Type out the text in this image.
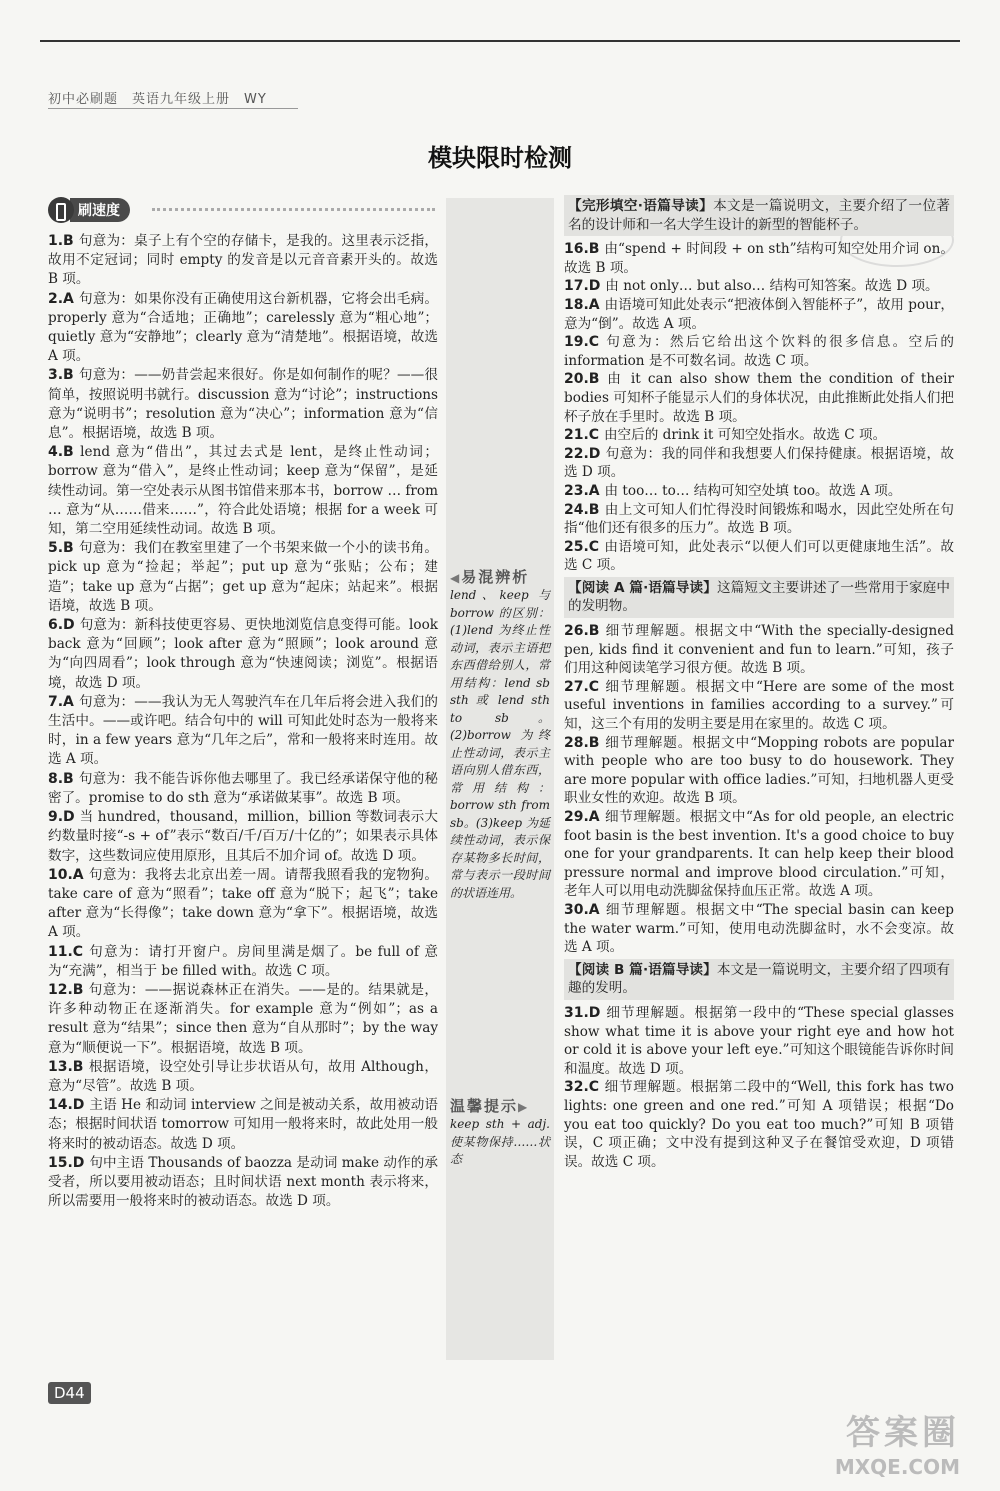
初中必刷题　英语九年级上册　WY
模块限时检测
刷速度
1.B 句意为：桌子上有个空的存储卡，是我的。这里表示泛指，故用不定冠词；同时 empty 的发音是以元音音素开头的。故选 B 项。
2.A 句意为：如果你没有正确使用这台新机器，它将会出毛病。properly 意为“合适地；正确地”；carelessly 意为“粗心地”；quietly 意为“安静地”；clearly 意为“清楚地”。根据语境，故选 A 项。
3.B 句意为：——奶昔尝起来很好。你是如何制作的呢？——很简单，按照说明书就行。discussion 意为“讨论”；instructions 意为“说明书”；resolution 意为“决心”；information 意为“信息”。根据语境，故选 B 项。
4.B lend 意为“借出”，其过去式是 lent，是终止性动词；borrow 意为“借入”，是终止性动词；keep 意为“保留”，是延续性动词。第一空处表示从图书馆借来那本书，borrow … from … 意为“从……借来……”，符合此处语境；根据 for a week 可知，第二空用延续性动词。故选 B 项。
5.B 句意为：我们在教室里建了一个书架来做一个小的读书角。pick up 意为“捡起；举起”；put up 意为“张贴；公布；建造”；take up 意为“占据”；get up 意为“起床；站起来”。根据语境，故选 B 项。
6.D 句意为：新科技使更容易、更快地浏览信息变得可能。look back 意为“回顾”；look after 意为“照顾”；look around 意为“向四周看”；look through 意为“快速阅读；浏览”。根据语境，故选 D 项。
7.A 句意为：——我认为无人驾驶汽车在几年后将会进入我们的生活中。——或许吧。结合句中的 will 可知此处时态为一般将来时，in a few years 意为“几年之后”，常和一般将来时连用。故选 A 项。
8.B 句意为：我不能告诉你他去哪里了。我已经承诺保守他的秘密了。promise to do sth 意为“承诺做某事”。故选 B 项。
9.D 当 hundred，thousand，million，billion 等数词表示大约数量时接“-s + of”表示“数百/千/百万/十亿的”；如果表示具体数字，这些数词应使用原形，且其后不加介词 of。故选 D 项。
10.A 句意为：我将去北京出差一周。请帮我照看我的宠物狗。take care of 意为“照看”；take off 意为“脱下；起飞”；take after 意为“长得像”；take down 意为“拿下”。根据语境，故选 A 项。
11.C 句意为：请打开窗户。房间里满是烟了。be full of 意为“充满”，相当于 be filled with。故选 C 项。
12.B 句意为：——据说森林正在消失。——是的。结果就是，许多种动物正在逐渐消失。for example 意为“例如”；as a result 意为“结果”；since then 意为“自从那时”；by the way 意为“顺便说一下”。根据语境，故选 B 项。
13.B 根据语境，设空处引导让步状语从句，故用 Although，意为“尽管”。故选 B 项。
14.D 主语 He 和动词 interview 之间是被动关系，故用被动语态；根据时间状语 tomorrow 可知用一般将来时，故此处用一般将来时的被动语态。故选 D 项。
15.D 句中主语 Thousands of baozza 是动词 make 动作的承受者，所以要用被动语态；且时间状语 next month 表示将来，所以需要用一般将来时的被动语态。故选 D 项。
◀易混辨析
lend、keep 与 borrow 的区别：(1)lend 为终止性动词，表示主语把东西借给别人，常用结构：lend sb sth 或 lend sth to sb。(2)borrow 为终止性动词，表示主语向别人借东西，常用结构：borrow sth from sb。(3)keep 为延续性动词，表示保存某物多长时间，常与表示一段时间的状语连用。
温馨提示▶
keep sth + adj. 使某物保持……状态
【完形填空·语篇导读】本文是一篇说明文，主要介绍了一位著名的设计师和一名大学生设计的新型的智能杯子。
16.B 由“spend + 时间段 + on sth”结构可知空处用介词 on。故选 B 项。
17.D 由 not only… but also… 结构可知答案。故选 D 项。
18.A 由语境可知此处表示“把液体倒入智能杯子”，故用 pour，意为“倒”。故选 A 项。
19.C 句意为：然后它给出这个饮料的很多信息。空后的 information 是不可数名词。故选 C 项。
20.B 由 it can also show them the condition of their bodies 可知杯子能显示人们的身体状况，由此推断此处指人们把杯子放在手里时。故选 B 项。
21.C 由空后的 drink it 可知空处指水。故选 C 项。
22.D 句意为：我的同伴和我想要人们保持健康。根据语境，故选 D 项。
23.A 由 too… to… 结构可知空处填 too。故选 A 项。
24.B 由上文可知人们忙得没时间锻炼和喝水，因此空处所在句指“他们还有很多的压力”。故选 B 项。
25.C 由语境可知，此处表示“以便人们可以更健康地生活”。故选 C 项。
【阅读 A 篇·语篇导读】这篇短文主要讲述了一些常用于家庭中的发明物。
26.B 细节理解题。根据文中“With the specially-designed pen, kids find it convenient and fun to learn.”可知，孩子们用这种阅读笔学习很方便。故选 B 项。
27.C 细节理解题。根据文中“Here are some of the most useful inventions in families according to a survey.”可知，这三个有用的发明主要是用在家里的。故选 C 项。
28.B 细节理解题。根据文中“Mopping robots are popular with people who are too busy to do housework. They are more popular with office ladies.”可知，扫地机器人更受职业女性的欢迎。故选 B 项。
29.A 细节理解题。根据文中“As for old people, an electric foot basin is the best invention. It's a good choice to buy one for your grandparents. It can help keep their blood pressure normal and improve blood circulation.”可知，老年人可以用电动洗脚盆保持血压正常。故选 A 项。
30.A 细节理解题。根据文中“The special basin can keep the water warm.”可知，使用电动洗脚盆时，水不会变凉。故选 A 项。
【阅读 B 篇·语篇导读】本文是一篇说明文，主要介绍了四项有趣的发明。
31.D 细节理解题。根据第一段中的“These special glasses show what time it is above your right eye and how hot or cold it is above your left eye.”可知这个眼镜能告诉你时间和温度。故选 D 项。
32.C 细节理解题。根据第二段中的“Well, this fork has two lights: one green and one red.”可知 A 项错误；根据“Do you eat too quickly? Do you eat too much?”可知 B 项错误，C 项正确；文中没有提到这种叉子在餐馆受欢迎，D 项错误。故选 C 项。
D44
答案圈
MXQE.COM
